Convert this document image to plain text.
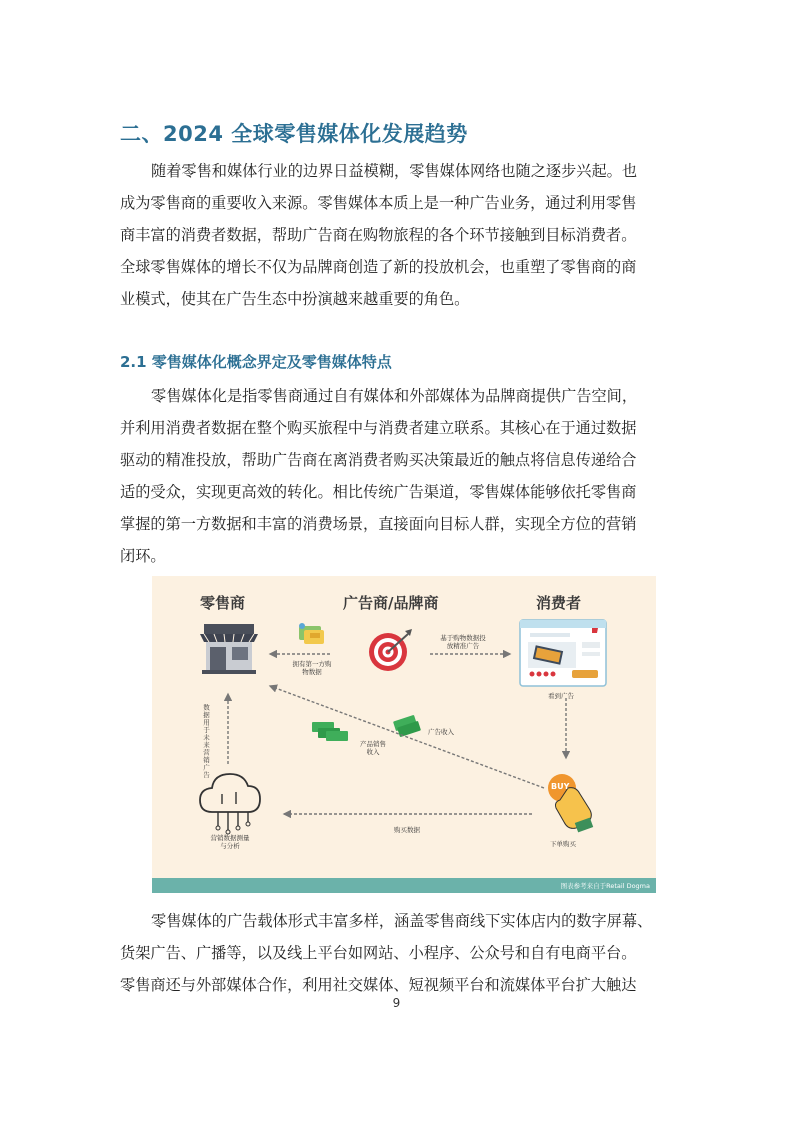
二、2024 全球零售媒体化发展趋势
随着零售和媒体行业的边界日益模糊，零售媒体网络也随之逐步兴起。也
成为零售商的重要收入来源。零售媒体本质上是一种广告业务，通过利用零售
商丰富的消费者数据，帮助广告商在购物旅程的各个环节接触到目标消费者。
全球零售媒体的增长不仅为品牌商创造了新的投放机会，也重塑了零售商的商
业模式，使其在广告生态中扮演越来越重要的角色。
2.1 零售媒体化概念界定及零售媒体特点
零售媒体化是指零售商通过自有媒体和外部媒体为品牌商提供广告空间，
并利用消费者数据在整个购买旅程中与消费者建立联系。其核心在于通过数据
驱动的精准投放，帮助广告商在离消费者购买决策最近的触点将信息传递给合
适的受众，实现更高效的转化。相比传统广告渠道，零售媒体能够依托零售商
掌握的第一方数据和丰富的消费场景，直接面向目标人群，实现全方位的营销
闭环。
零售商	广告商/品牌商	消费者
拥有第一方购物数据
基于购物数据投放精准广告
看到广告
广告收入
产品销售收入
数据用于未来营销广告
购买数据
下单购买
营销数据测量与分析
BUY
图表参考来自于Retail Dogma
零售媒体的广告载体形式丰富多样，涵盖零售商线下实体店内的数字屏幕、
货架广告、广播等，以及线上平台如网站、小程序、公众号和自有电商平台。
零售商还与外部媒体合作，利用社交媒体、短视频平台和流媒体平台扩大触达
9
